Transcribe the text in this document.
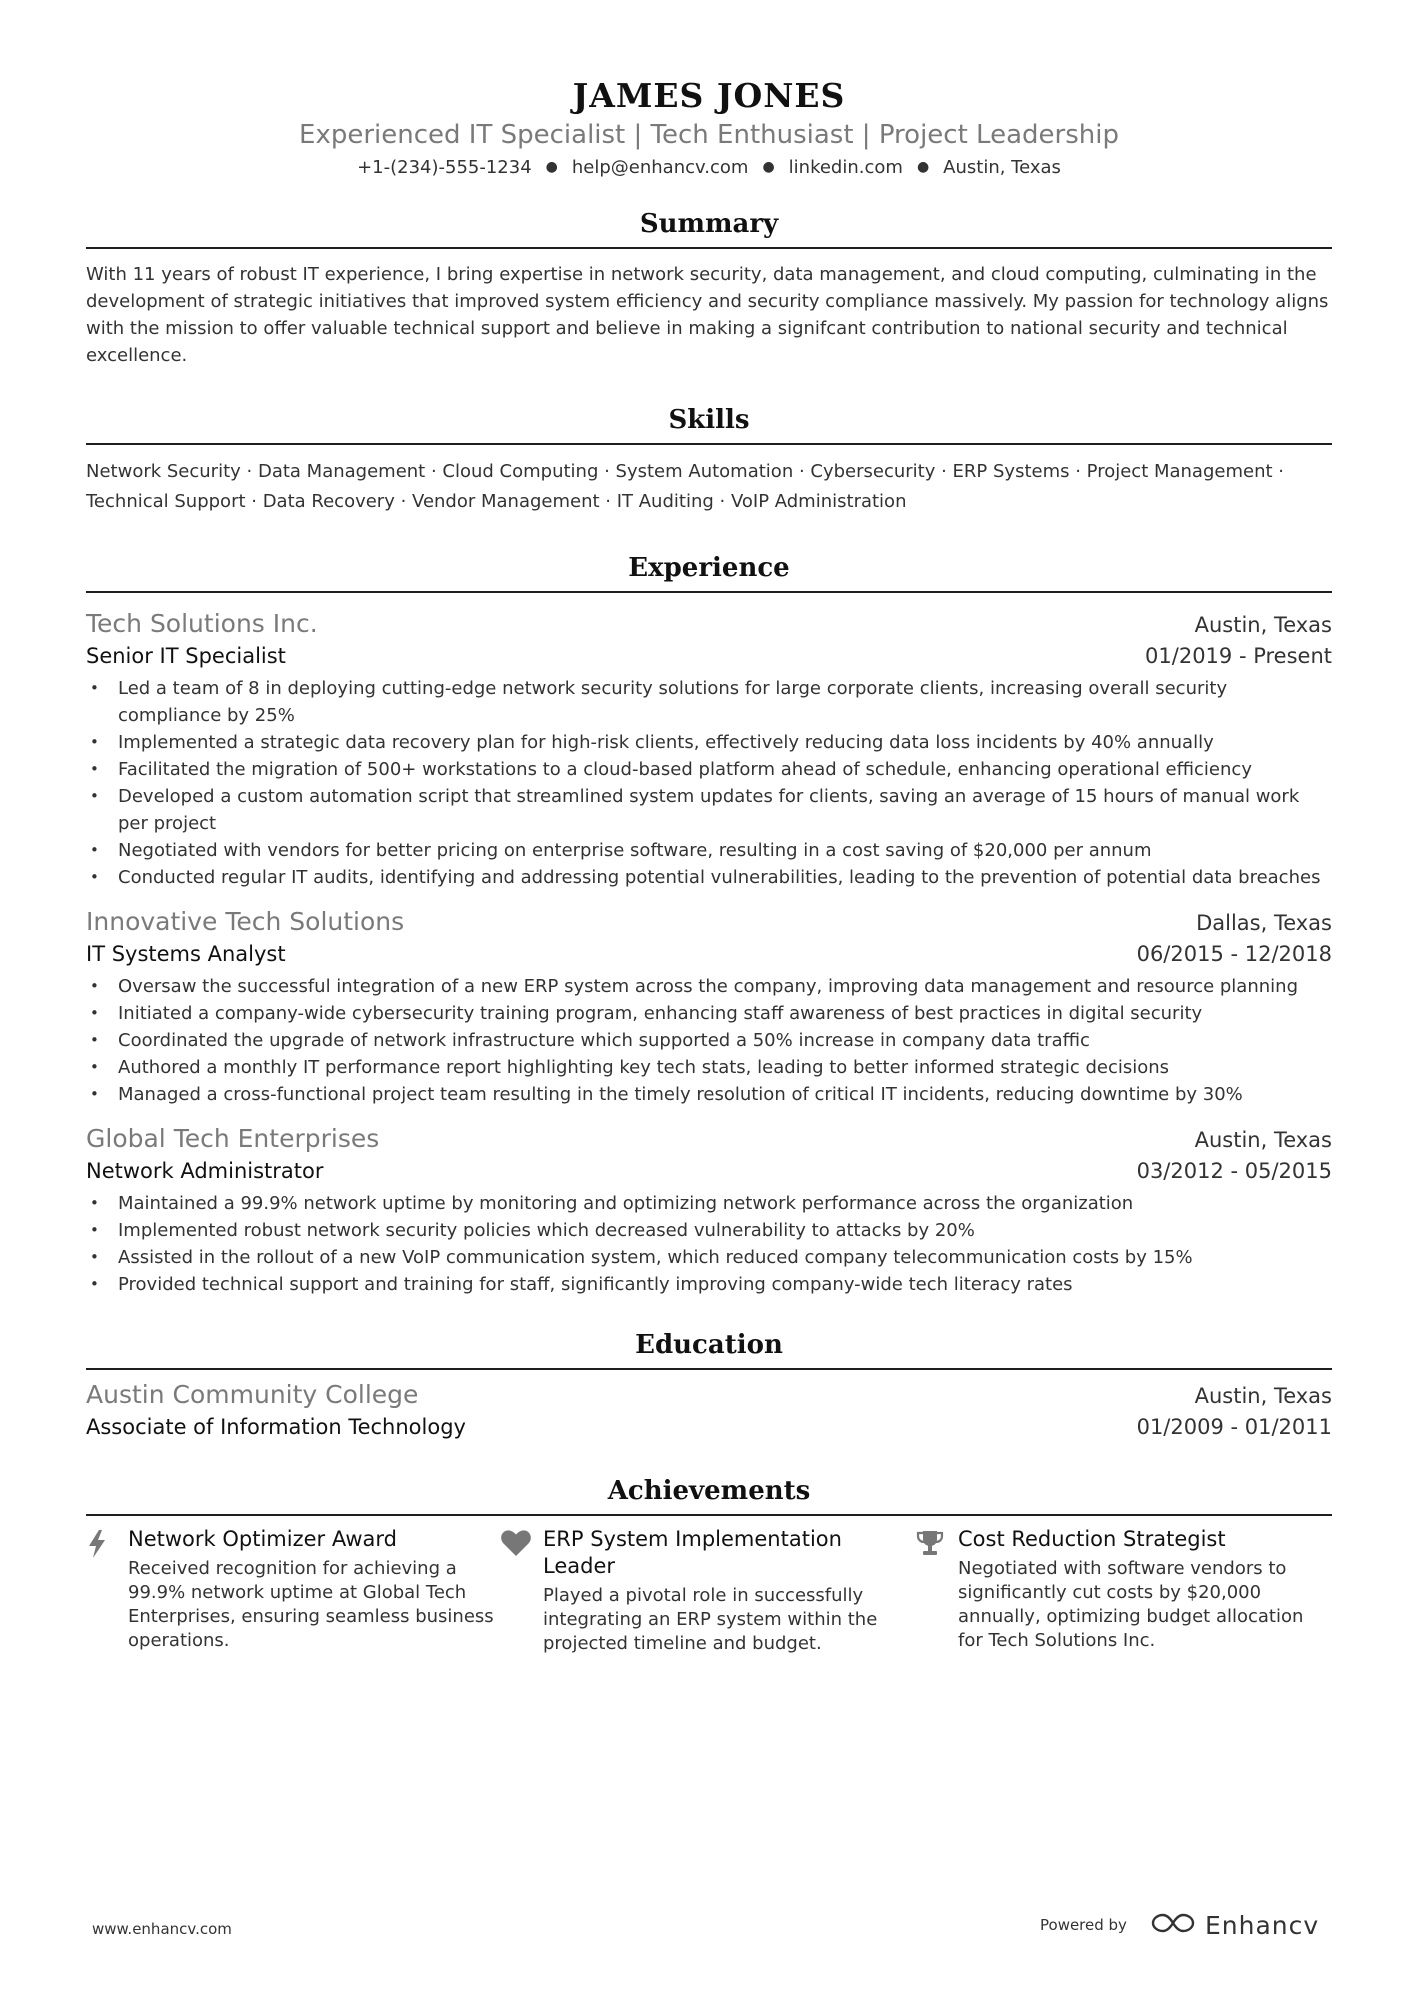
JAMES JONES
Experienced IT Specialist | Tech Enthusiast | Project Leadership
+1-(234)-555-1234 ● help@enhancv.com ● linkedin.com ● Austin, Texas
Summary
With 11 years of robust IT experience, I bring expertise in network security, data management, and cloud computing, culminating in the development of strategic initiatives that improved system efficiency and security compliance massively. My passion for technology aligns with the mission to offer valuable technical support and believe in making a signifcant contribution to national security and technical excellence.
Skills
Network Security · Data Management · Cloud Computing · System Automation · Cybersecurity · ERP Systems · Project Management · Technical Support · Data Recovery · Vendor Management · IT Auditing · VoIP Administration
Experience
Tech Solutions Inc.	Austin, Texas
Senior IT Specialist	01/2019 - Present
• Led a team of 8 in deploying cutting-edge network security solutions for large corporate clients, increasing overall security compliance by 25%
• Implemented a strategic data recovery plan for high-risk clients, effectively reducing data loss incidents by 40% annually
• Facilitated the migration of 500+ workstations to a cloud-based platform ahead of schedule, enhancing operational efficiency
• Developed a custom automation script that streamlined system updates for clients, saving an average of 15 hours of manual work per project
• Negotiated with vendors for better pricing on enterprise software, resulting in a cost saving of $20,000 per annum
• Conducted regular IT audits, identifying and addressing potential vulnerabilities, leading to the prevention of potential data breaches
Innovative Tech Solutions	Dallas, Texas
IT Systems Analyst	06/2015 - 12/2018
• Oversaw the successful integration of a new ERP system across the company, improving data management and resource planning
• Initiated a company-wide cybersecurity training program, enhancing staff awareness of best practices in digital security
• Coordinated the upgrade of network infrastructure which supported a 50% increase in company data traffic
• Authored a monthly IT performance report highlighting key tech stats, leading to better informed strategic decisions
• Managed a cross-functional project team resulting in the timely resolution of critical IT incidents, reducing downtime by 30%
Global Tech Enterprises	Austin, Texas
Network Administrator	03/2012 - 05/2015
• Maintained a 99.9% network uptime by monitoring and optimizing network performance across the organization
• Implemented robust network security policies which decreased vulnerability to attacks by 20%
• Assisted in the rollout of a new VoIP communication system, which reduced company telecommunication costs by 15%
• Provided technical support and training for staff, significantly improving company-wide tech literacy rates
Education
Austin Community College	Austin, Texas
Associate of Information Technology	01/2009 - 01/2011
Achievements
Network Optimizer Award
Received recognition for achieving a 99.9% network uptime at Global Tech Enterprises, ensuring seamless business operations.
ERP System Implementation Leader
Played a pivotal role in successfully integrating an ERP system within the projected timeline and budget.
Cost Reduction Strategist
Negotiated with software vendors to significantly cut costs by $20,000 annually, optimizing budget allocation for Tech Solutions Inc.
www.enhancv.com	Powered by	Enhancv
